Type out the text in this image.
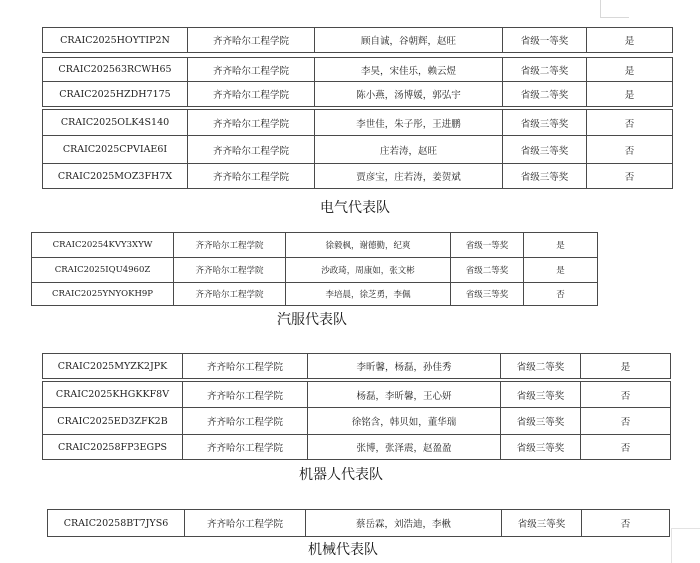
CRAIC2025HOYTIP2N	齐齐哈尔工程学院	顾自诚，谷朝辉，赵旺	省级一等奖	是

CRAIC202563RCWH65	齐齐哈尔工程学院	李昊，宋佳乐，赖云煜	省级二等奖	是
CRAIC2025HZDH7175	齐齐哈尔工程学院	陈小燕，汤博媛，郭弘宇	省级二等奖	是

CRAIC2025OLK4S140	齐齐哈尔工程学院	李世佳，朱子彤，王进鹏	省级三等奖	否
CRAIC2025CPVIAE6I	齐齐哈尔工程学院	庄若涛，赵旺	省级三等奖	否
CRAIC2025MOZ3FH7X	齐齐哈尔工程学院	贾彦宝，庄若涛，姜贺斌	省级三等奖	否
电气代表队
CRAIC20254KVY3XYW	齐齐哈尔工程学院	徐毅枫，谢德勤，纪爽	省级一等奖	是
CRAIC2025IQU4960Z	齐齐哈尔工程学院	沙政琦，周康如，张文彬	省级二等奖	是
CRAIC2025YNYOKH9P	齐齐哈尔工程学院	李培晨，徐芝勇，李佩	省级三等奖	否
汽服代表队
CRAIC2025MYZK2JPK	齐齐哈尔工程学院	李昕馨，杨磊，孙佳秀	省级二等奖	是

CRAIC2025KHGKKF8V	齐齐哈尔工程学院	杨磊，李昕馨，王心妍	省级三等奖	否
CRAIC2025ED3ZFK2B	齐齐哈尔工程学院	徐铭含，韩贝如，董华瑞	省级三等奖	否
CRAIC20258FP3EGPS	齐齐哈尔工程学院	张博，张泽震，赵盈盈	省级三等奖	否
机器人代表队
CRAIC20258BT7JYS6	齐齐哈尔工程学院	蔡岳霖，刘浩迪，李楸	省级三等奖	否
机械代表队
